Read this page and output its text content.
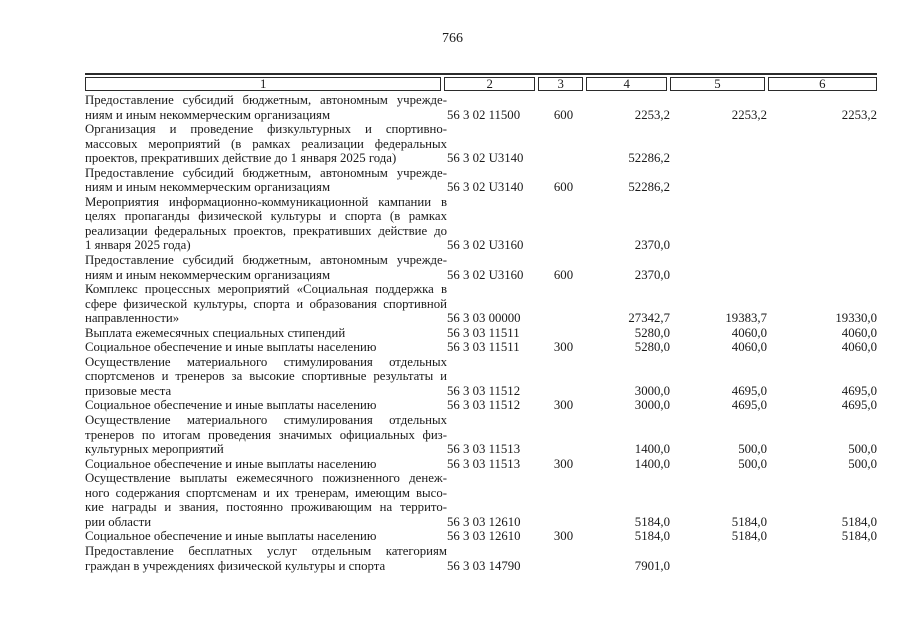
766
1	2	3	4	5	6
Предоставление субсидий бюджетным, автономным учрежде-
ниям и иным некоммерческим организациям	56 3 02 11500	600	2253,2	2253,2	2253,2

Организация и проведение физкультурных и спортивно-
массовых мероприятий (в рамках реализации федеральных
проектов, прекративших действие до 1 января 2025 года)	56 3 02 U3140		52286,2		

Предоставление субсидий бюджетным, автономным учрежде-
ниям и иным некоммерческим организациям	56 3 02 U3140	600	52286,2		

Мероприятия информационно-коммуникационной кампании в
целях пропаганды физической культуры и спорта (в рамках
реализации федеральных проектов, прекративших действие до
1 января 2025 года)	56 3 02 U3160		2370,0		

Предоставление субсидий бюджетным, автономным учрежде-
ниям и иным некоммерческим организациям	56 3 02 U3160	600	2370,0		

Комплекс процессных мероприятий «Социальная поддержка в
сфере физической культуры, спорта и образования спортивной
направленности»	56 3 03 00000		27342,7	19383,7	19330,0

Выплата ежемесячных специальных стипендий	56 3 03 11511		5280,0	4060,0	4060,0

Социальное обеспечение и иные выплаты населению	56 3 03 11511	300	5280,0	4060,0	4060,0

Осуществление материального стимулирования отдельных
спортсменов и тренеров за высокие спортивные результаты и
призовые места	56 3 03 11512		3000,0	4695,0	4695,0

Социальное обеспечение и иные выплаты населению	56 3 03 11512	300	3000,0	4695,0	4695,0

Осуществление материального стимулирования отдельных
тренеров по итогам проведения значимых официальных физ-
культурных мероприятий	56 3 03 11513		1400,0	500,0	500,0

Социальное обеспечение и иные выплаты населению	56 3 03 11513	300	1400,0	500,0	500,0

Осуществление выплаты ежемесячного пожизненного денеж-
ного содержания спортсменам и их тренерам, имеющим высо-
кие награды и звания, постоянно проживающим на террито-
рии области	56 3 03 12610		5184,0	5184,0	5184,0

Социальное обеспечение и иные выплаты населению	56 3 03 12610	300	5184,0	5184,0	5184,0

Предоставление бесплатных услуг отдельным категориям
граждан в учреждениях физической культуры и спорта	56 3 03 14790		7901,0		
